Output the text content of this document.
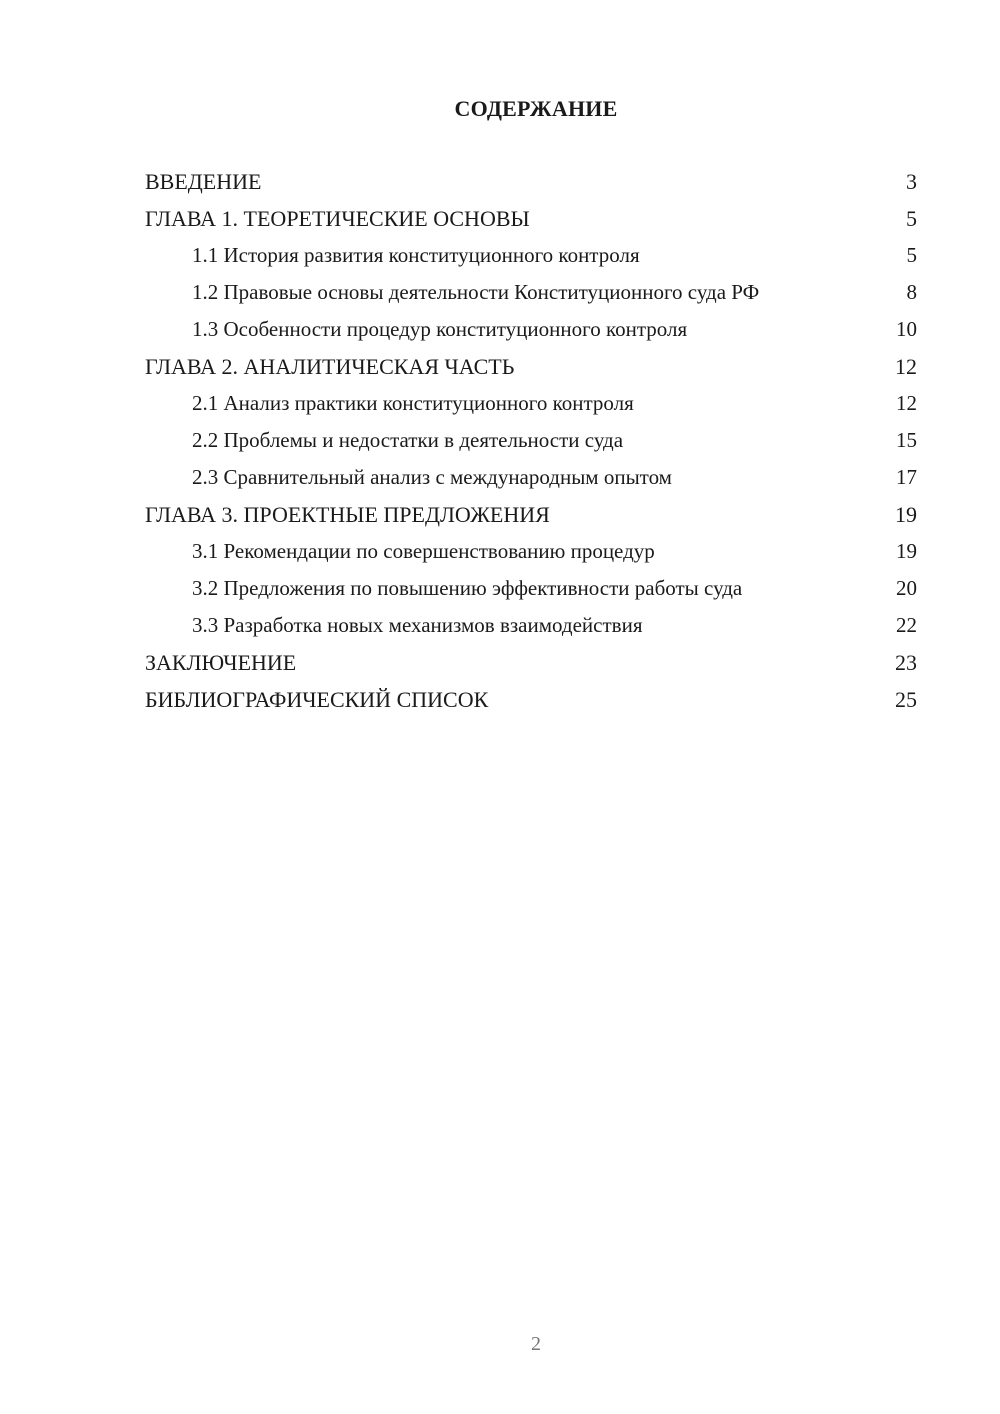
СОДЕРЖАНИЕ
ВВЕДЕНИЕ	3
ГЛАВА 1. ТЕОРЕТИЧЕСКИЕ ОСНОВЫ	5
1.1 История развития конституционного контроля	5
1.2 Правовые основы деятельности Конституционного суда РФ	8
1.3 Особенности процедур конституционного контроля	10
ГЛАВА 2. АНАЛИТИЧЕСКАЯ ЧАСТЬ	12
2.1 Анализ практики конституционного контроля	12
2.2 Проблемы и недостатки в деятельности суда	15
2.3 Сравнительный анализ с международным опытом	17
ГЛАВА 3. ПРОЕКТНЫЕ ПРЕДЛОЖЕНИЯ	19
3.1 Рекомендации по совершенствованию процедур	19
3.2 Предложения по повышению эффективности работы суда	20
3.3 Разработка новых механизмов взаимодействия	22
ЗАКЛЮЧЕНИЕ	23
БИБЛИОГРАФИЧЕСКИЙ СПИСОК	25
2
